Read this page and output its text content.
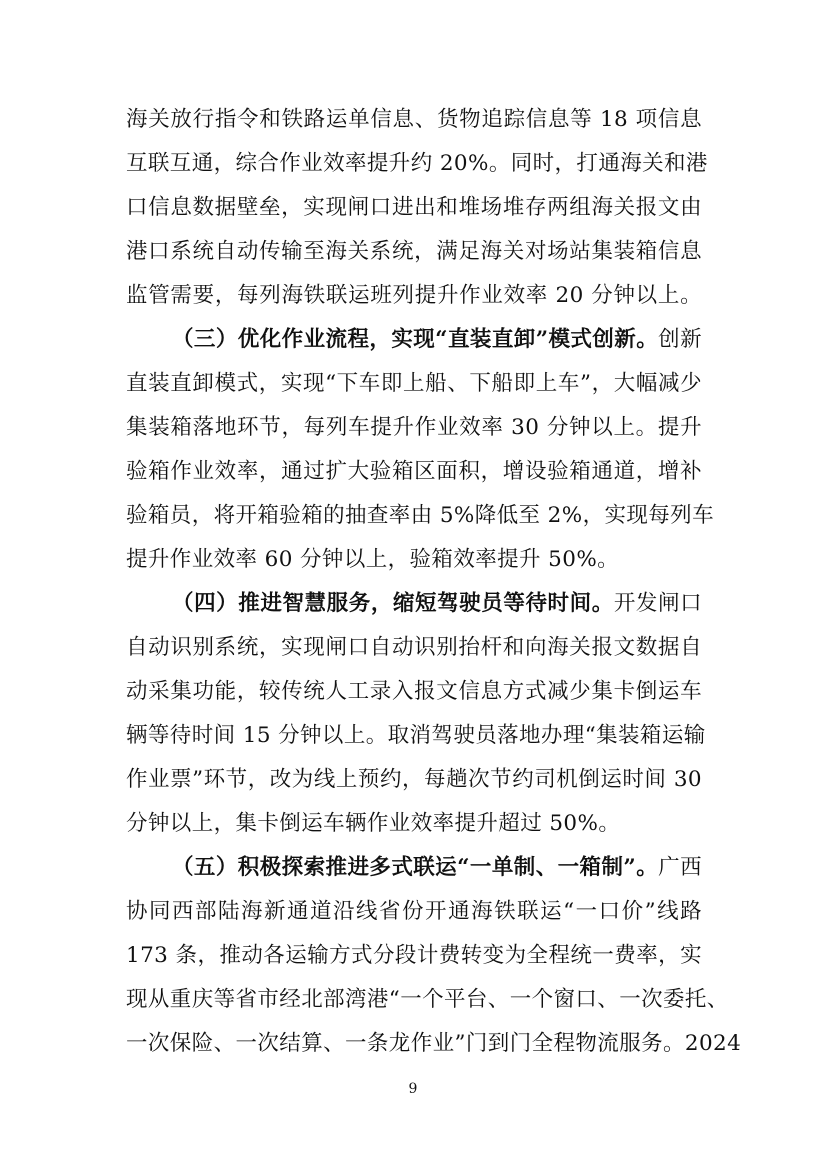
海关放行指令和铁路运单信息、货物追踪信息等 18 项信息
互联互通，综合作业效率提升约 20%。同时，打通海关和港
口信息数据壁垒，实现闸口进出和堆场堆存两组海关报文由
港口系统自动传输至海关系统，满足海关对场站集装箱信息
监管需要，每列海铁联运班列提升作业效率 20 分钟以上。
（三）优化作业流程，实现“直装直卸”模式创新。创新
直装直卸模式，实现“下车即上船、下船即上车”，大幅减少
集装箱落地环节，每列车提升作业效率 30 分钟以上。提升
验箱作业效率，通过扩大验箱区面积，增设验箱通道，增补
验箱员，将开箱验箱的抽查率由 5%降低至 2%，实现每列车
提升作业效率 60 分钟以上，验箱效率提升 50%。
（四）推进智慧服务，缩短驾驶员等待时间。开发闸口
自动识别系统，实现闸口自动识别抬杆和向海关报文数据自
动采集功能，较传统人工录入报文信息方式减少集卡倒运车
辆等待时间 15 分钟以上。取消驾驶员落地办理“集装箱运输
作业票”环节，改为线上预约，每趟次节约司机倒运时间 30
分钟以上，集卡倒运车辆作业效率提升超过 50%。
（五）积极探索推进多式联运“一单制、一箱制”。广西
协同西部陆海新通道沿线省份开通海铁联运“一口价”线路
173 条，推动各运输方式分段计费转变为全程统一费率，实
现从重庆等省市经北部湾港“一个平台、一个窗口、一次委托、
一次保险、一次结算、一条龙作业”门到门全程物流服务。2024
9
